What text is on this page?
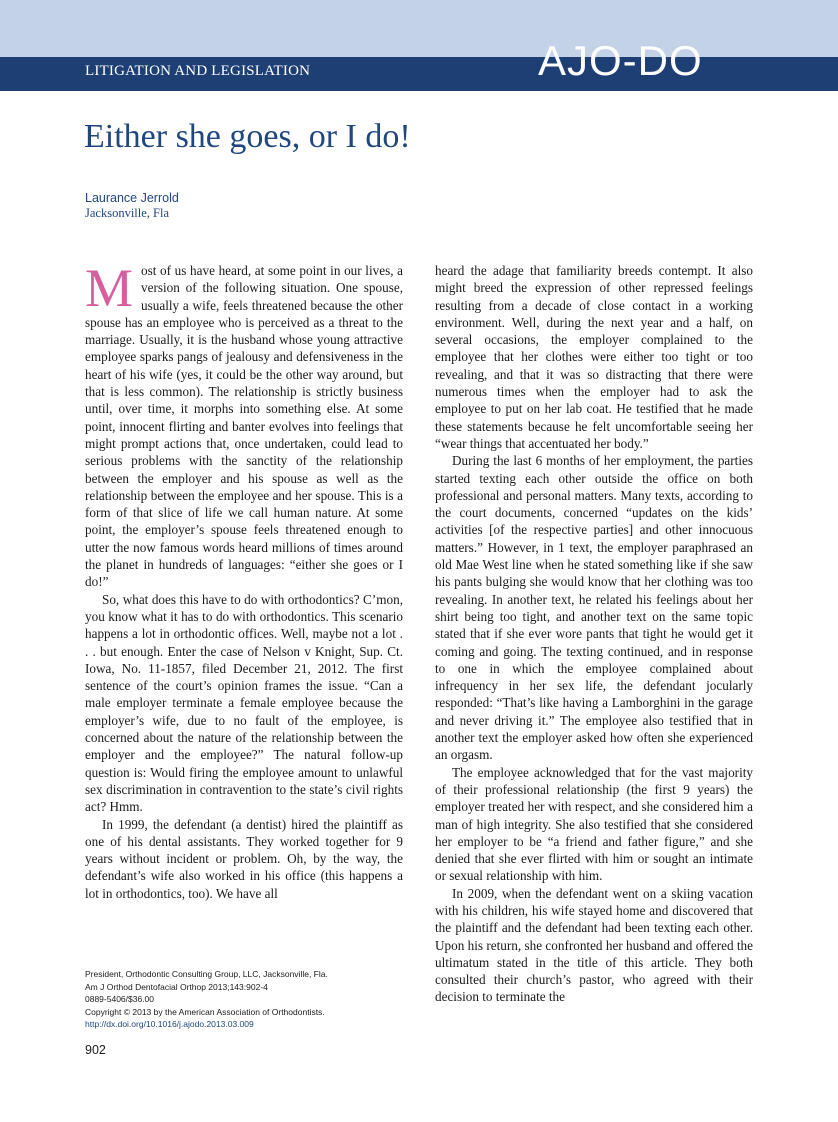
LITIGATION AND LEGISLATION	AJO-DO
Either she goes, or I do!
Laurance Jerrold
Jacksonville, Fla

Most of us have heard, at some point in our lives, a version of the following situation. One spouse, usually a wife, feels threatened because the other spouse has an employee who is perceived as a threat to the marriage. Usually, it is the husband whose young attractive employee sparks pangs of jealousy and defensiveness in the heart of his wife (yes, it could be the other way around, but that is less common). The relationship is strictly business until, over time, it morphs into something else. At some point, innocent flirting and banter evolves into feelings that might prompt actions that, once undertaken, could lead to serious problems with the sanctity of the relationship between the employer and his spouse as well as the relationship between the employee and her spouse. This is a form of that slice of life we call human nature. At some point, the employer’s spouse feels threatened enough to utter the now famous words heard millions of times around the planet in hundreds of languages: “either she goes or I do!”

So, what does this have to do with orthodontics? C’mon, you know what it has to do with orthodontics. This scenario happens a lot in orthodontic offices. Well, maybe not a lot . . . but enough. Enter the case of Nelson v Knight, Sup. Ct. Iowa, No. 11-1857, filed December 21, 2012. The first sentence of the court’s opinion frames the issue. “Can a male employer terminate a female employee because the employer’s wife, due to no fault of the employee, is concerned about the nature of the relationship between the employer and the employee?” The natural follow-up question is: Would firing the employee amount to unlawful sex discrimination in contravention to the state’s civil rights act? Hmm.

In 1999, the defendant (a dentist) hired the plaintiff as one of his dental assistants. They worked together for 9 years without incident or problem. Oh, by the way, the defendant’s wife also worked in his office (this happens a lot in orthodontics, too). We have all

heard the adage that familiarity breeds contempt. It also might breed the expression of other repressed feelings resulting from a decade of close contact in a working environment. Well, during the next year and a half, on several occasions, the employer complained to the employee that her clothes were either too tight or too revealing, and that it was so distracting that there were numerous times when the employer had to ask the employee to put on her lab coat. He testified that he made these statements because he felt uncomfortable seeing her “wear things that accentuated her body.”

During the last 6 months of her employment, the parties started texting each other outside the office on both professional and personal matters. Many texts, according to the court documents, concerned “updates on the kids’ activities [of the respective parties] and other innocuous matters.” However, in 1 text, the employer paraphrased an old Mae West line when he stated something like if she saw his pants bulging she would know that her clothing was too revealing. In another text, he related his feelings about her shirt being too tight, and another text on the same topic stated that if she ever wore pants that tight he would get it coming and going. The texting continued, and in response to one in which the employee complained about infrequency in her sex life, the defendant jocularly responded: “That’s like having a Lamborghini in the garage and never driving it.” The employee also testified that in another text the employer asked how often she experienced an orgasm.

The employee acknowledged that for the vast majority of their professional relationship (the first 9 years) the employer treated her with respect, and she considered him a man of high integrity. She also testified that she considered her employer to be “a friend and father figure,” and she denied that she ever flirted with him or sought an intimate or sexual relationship with him.

In 2009, when the defendant went on a skiing vacation with his children, his wife stayed home and discovered that the plaintiff and the defendant had been texting each other. Upon his return, she confronted her husband and offered the ultimatum stated in the title of this article. They both consulted their church’s pastor, who agreed with their decision to terminate the

President, Orthodontic Consulting Group, LLC, Jacksonville, Fla.
Am J Orthod Dentofacial Orthop 2013;143:902-4
0889-5406/$36.00
Copyright © 2013 by the American Association of Orthodontists.
http://dx.doi.org/10.1016/j.ajodo.2013.03.009
902
